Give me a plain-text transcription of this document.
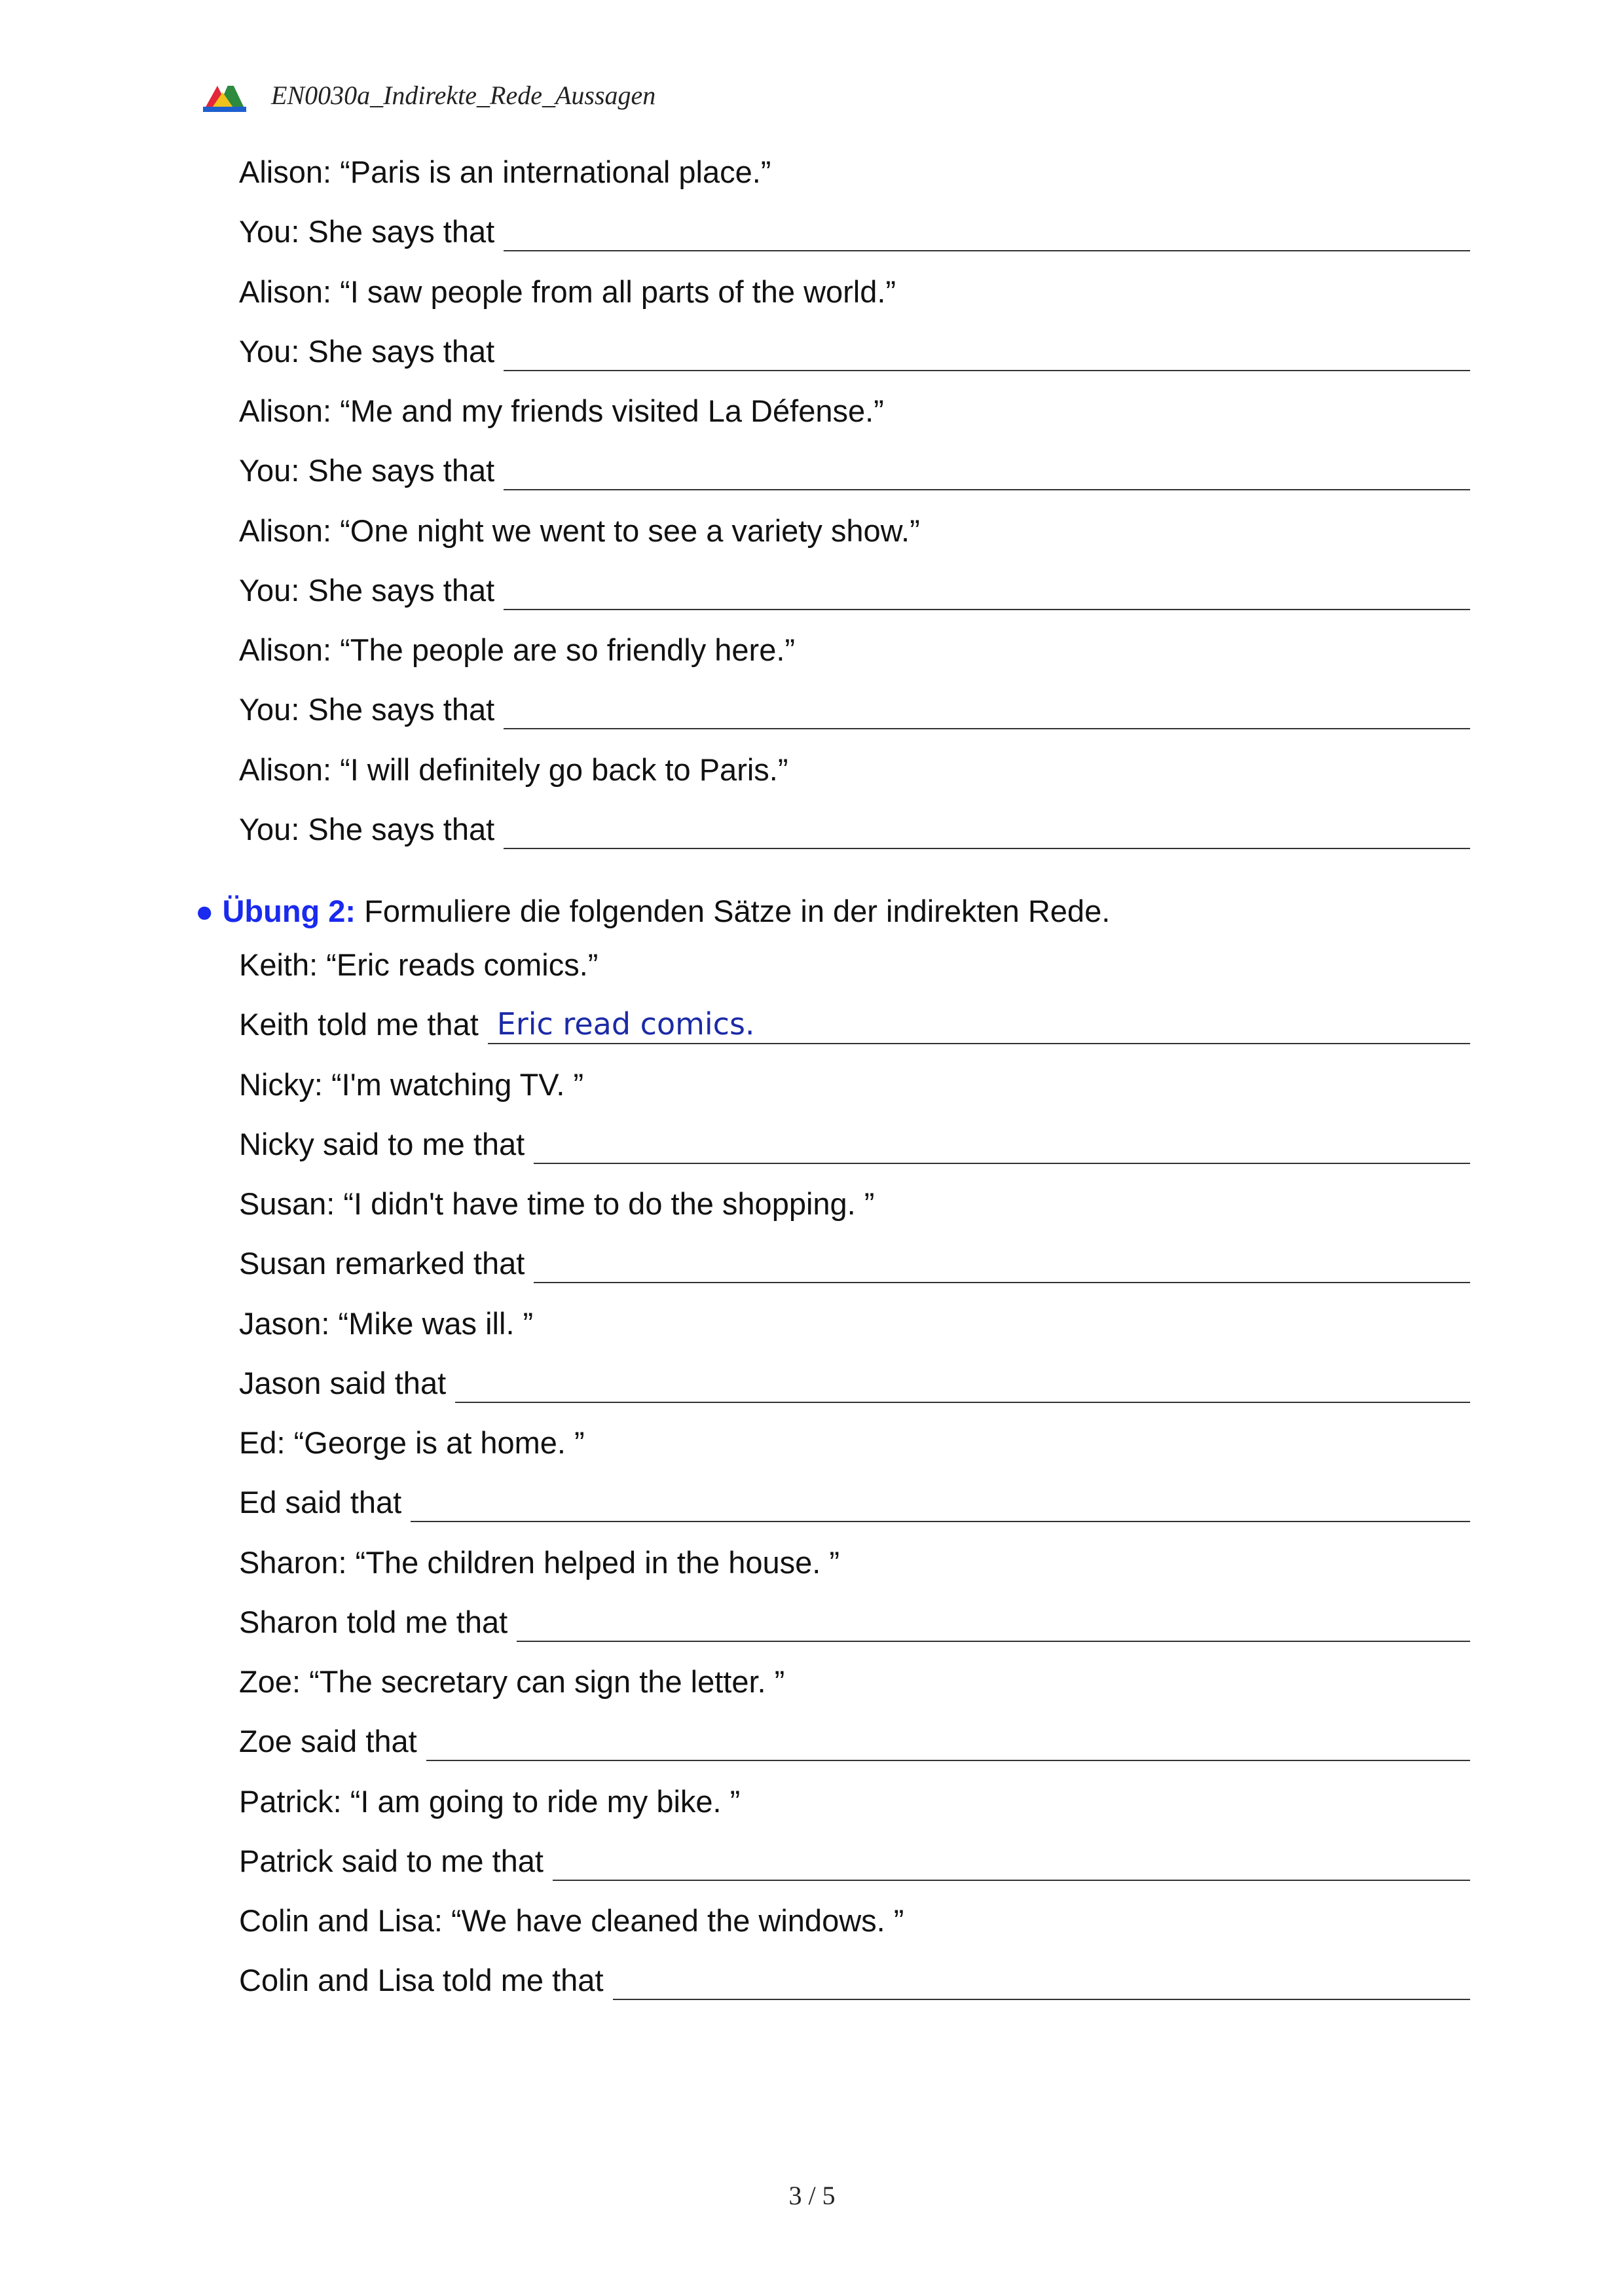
EN0030a_Indirekte_Rede_Aussagen
Alison: “Paris is an international place.”
You: She says that
Alison: “I saw people from all parts of the world.”
You: She says that
Alison: “Me and my friends visited La Défense.”
You: She says that
Alison: “One night we went to see a variety show.”
You: She says that
Alison: “The people are so friendly here.”
You: She says that
Alison: “I will definitely go back to Paris.”
You: She says that
● Übung 2: Formuliere die folgenden Sätze in der indirekten Rede.
Keith: “Eric reads comics.”
Keith told me that Eric read comics.
Nicky: “I'm watching TV. ”
Nicky said to me that
Susan: “I didn't have time to do the shopping. ”
Susan remarked that
Jason: “Mike was ill. ”
Jason said that
Ed: “George is at home. ”
Ed said that
Sharon: “The children helped in the house. ”
Sharon told me that
Zoe: “The secretary can sign the letter. ”
Zoe said that
Patrick: “I am going to ride my bike. ”
Patrick said to me that
Colin and Lisa: “We have cleaned the windows. ”
Colin and Lisa told me that
3 / 5
